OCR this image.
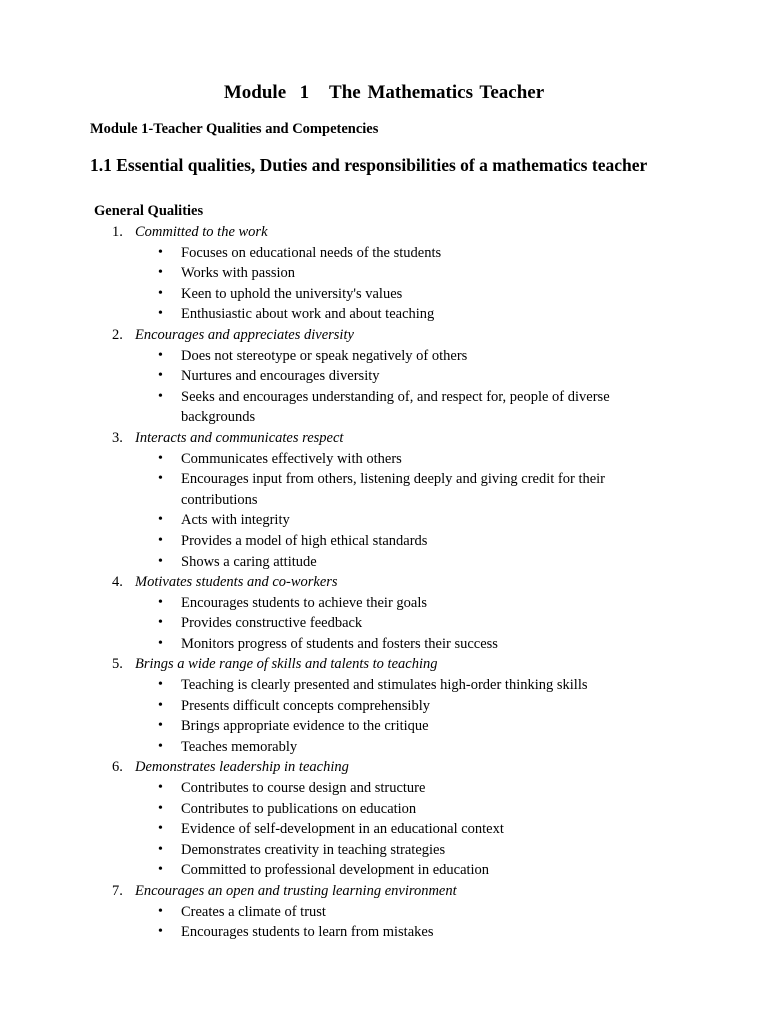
Module  1   The Mathematics Teacher
Module 1-Teacher Qualities and Competencies
1.1 Essential qualities, Duties and responsibilities of a mathematics teacher
General Qualities
1. Committed to the work
• Focuses on educational needs of the students
• Works with passion
• Keen to uphold the university's values
• Enthusiastic about work and about teaching
2. Encourages and appreciates diversity
• Does not stereotype or speak negatively of others
• Nurtures and encourages diversity
• Seeks and encourages understanding of, and respect for, people of diverse backgrounds
3. Interacts and communicates respect
• Communicates effectively with others
• Encourages input from others, listening deeply and giving credit for their contributions
• Acts with integrity
• Provides a model of high ethical standards
• Shows a caring attitude
4. Motivates students and co-workers
• Encourages students to achieve their goals
• Provides constructive feedback
• Monitors progress of students and fosters their success
5. Brings a wide range of skills and talents to teaching
• Teaching is clearly presented and stimulates high-order thinking skills
• Presents difficult concepts comprehensibly
• Brings appropriate evidence to the critique
• Teaches memorably
6. Demonstrates leadership in teaching
• Contributes to course design and structure
• Contributes to publications on education
• Evidence of self-development in an educational context
• Demonstrates creativity in teaching strategies
• Committed to professional development in education
7. Encourages an open and trusting learning environment
• Creates a climate of trust
• Encourages students to learn from mistakes
